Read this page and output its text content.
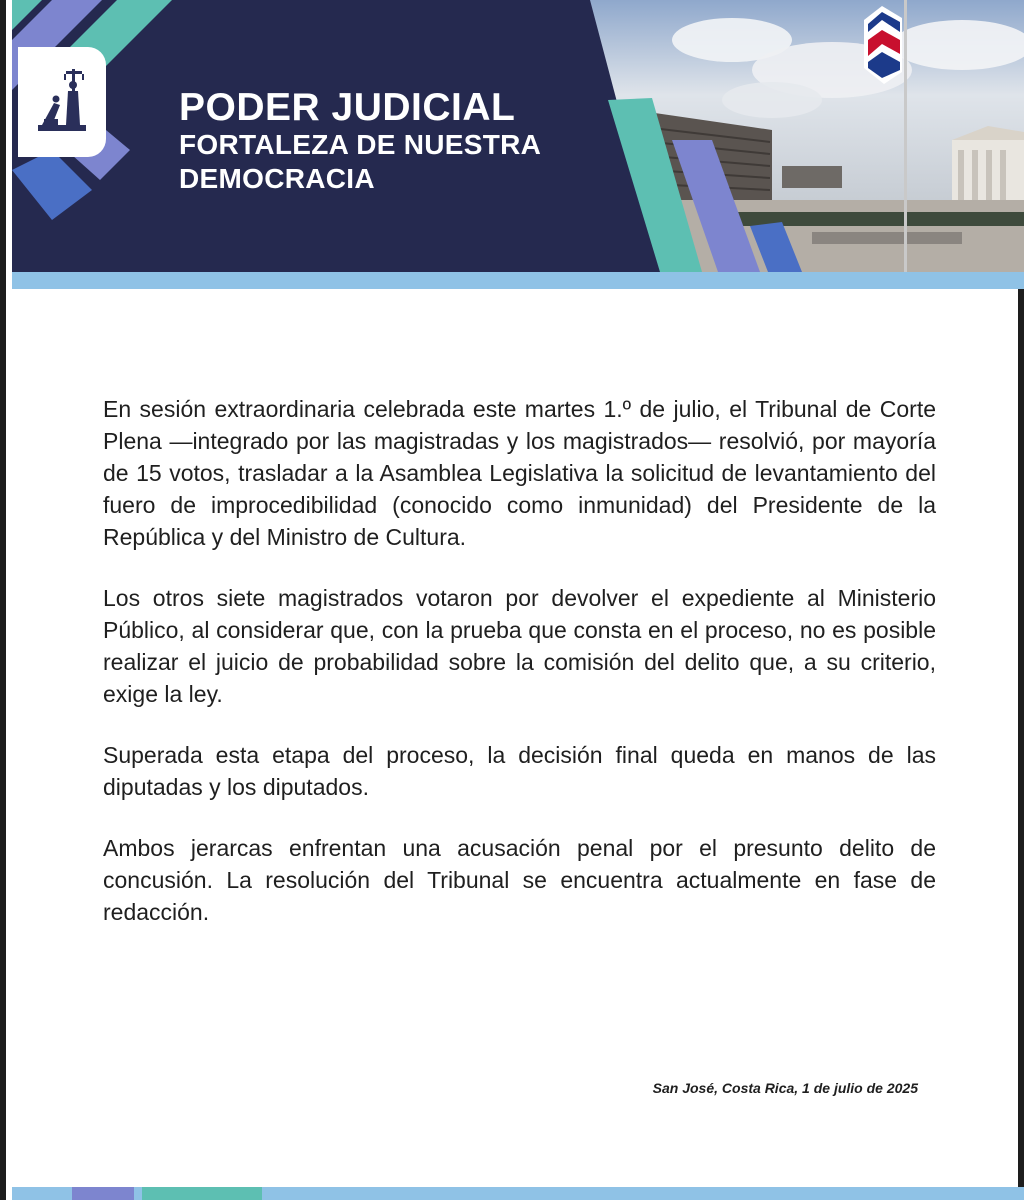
PODER JUDICIAL
FORTALEZA DE NUESTRA DEMOCRACIA

En sesión extraordinaria celebrada este martes 1.º de julio, el Tribunal de Corte Plena —integrado por las magistradas y los magistrados— resolvió, por mayoría de 15 votos, trasladar a la Asamblea Legislativa la solicitud de levantamiento del fuero de improcedibilidad (conocido como inmunidad) del Presidente de la República y del Ministro de Cultura.

Los otros siete magistrados votaron por devolver el expediente al Ministerio Público, al considerar que, con la prueba que consta en el proceso, no es posible realizar el juicio de probabilidad sobre la comisión del delito que, a su criterio, exige la ley.

Superada esta etapa del proceso, la decisión final queda en manos de las diputadas y los diputados.

Ambos jerarcas enfrentan una acusación penal por el presunto delito de concusión. La resolución del Tribunal se encuentra actualmente en fase de redacción.

San José, Costa Rica, 1 de julio de 2025
